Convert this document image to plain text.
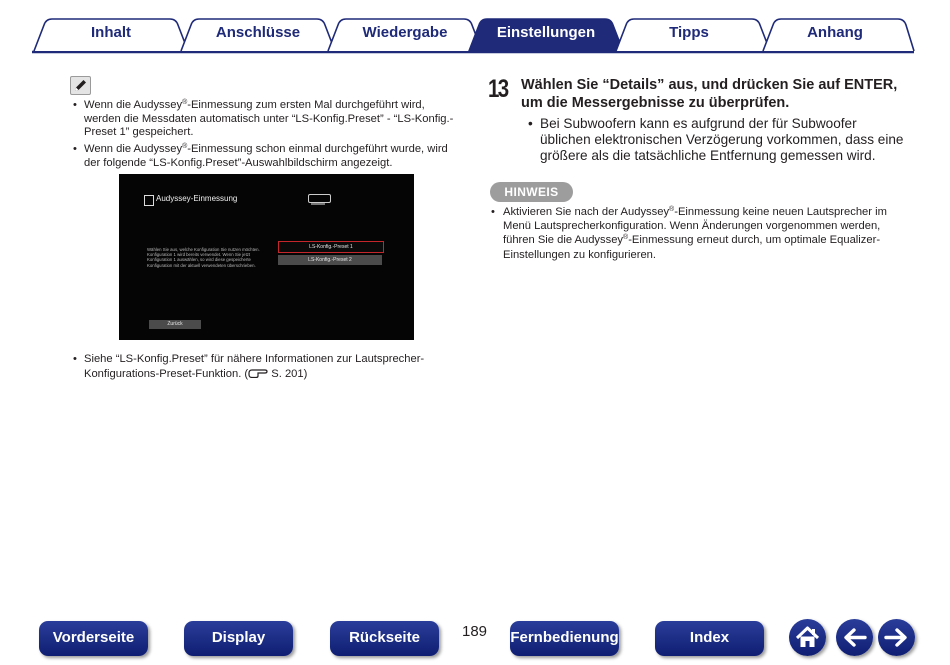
Inhalt	Anschlüsse	Wiedergabe	Einstellungen	Tipps	Anhang
• Wenn die Audyssey®-Einmessung zum ersten Mal durchgeführt wird, werden die Messdaten automatisch unter “LS-Konfig.Preset” - “LS-Konfig.-Preset 1” gespeichert.
• Wenn die Audyssey®-Einmessung schon einmal durchgeführt wurde, wird der folgende “LS-Konfig.Preset”-Auswahlbildschirm angezeigt.
Audyssey-Einmessung
Wählen Sie aus, welche Konfiguration Sie nutzen möchten. Konfiguration 1 wird bereits verwendet. Wenn Sie jetzt Konfiguration 1 auswählen, so wird diese gespeicherte Konfiguration mit der aktuell verwendeten überschrieben.
LS-Konfig.-Preset 1
LS-Konfig.-Preset 2
Zurück
• Siehe “LS-Konfig.Preset” für nähere Informationen zur Lautsprecher-Konfigurations-Preset-Funktion. ( S. 201)
13 Wählen Sie “Details” aus, und drücken Sie auf ENTER, um die Messergebnisse zu überprüfen.
• Bei Subwoofern kann es aufgrund der für Subwoofer üblichen elektronischen Verzögerung vorkommen, dass eine größere als die tatsächliche Entfernung gemessen wird.
HINWEIS
• Aktivieren Sie nach der Audyssey®-Einmessung keine neuen Lautsprecher im Menü Lautsprecherkonfiguration. Wenn Änderungen vorgenommen werden, führen Sie die Audyssey®-Einmessung erneut durch, um optimale Equalizer-Einstellungen zu konfigurieren.
Vorderseite	Display	Rückseite	189 Fernbedienung	Index
